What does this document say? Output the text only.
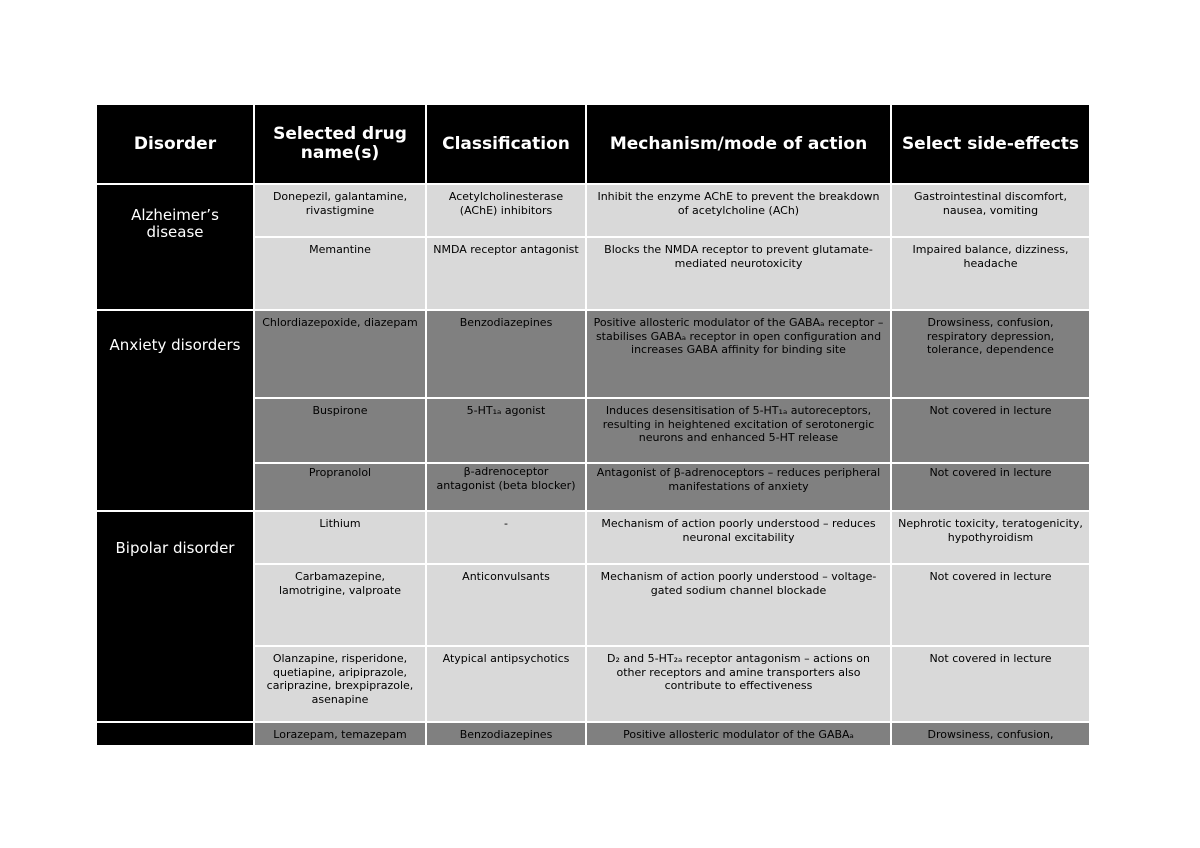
Disorder	Selected drug name(s)	Classification	Mechanism/mode of action	Select side-effects
Alzheimer’s disease	Donepezil, galantamine, rivastigmine	Acetylcholinesterase (AChE) inhibitors	Inhibit the enzyme AChE to prevent the breakdown of acetylcholine (ACh)	Gastrointestinal discomfort, nausea, vomiting
	Memantine	NMDA receptor antagonist	Blocks the NMDA receptor to prevent glutamate-mediated neurotoxicity	Impaired balance, dizziness, headache
Anxiety disorders	Chlordiazepoxide, diazepam	Benzodiazepines	Positive allosteric modulator of the GABAₐ receptor – stabilises GABAₐ receptor in open configuration and increases GABA affinity for binding site	Drowsiness, confusion, respiratory depression, tolerance, dependence
	Buspirone	5-HT₁ₐ agonist	Induces desensitisation of 5-HT₁ₐ autoreceptors, resulting in heightened excitation of serotonergic neurons and enhanced 5-HT release	Not covered in lecture
	Propranolol	β-adrenoceptor antagonist (beta blocker)	Antagonist of β-adrenoceptors – reduces peripheral manifestations of anxiety	Not covered in lecture
Bipolar disorder	Lithium	-	Mechanism of action poorly understood – reduces neuronal excitability	Nephrotic toxicity, teratogenicity, hypothyroidism
	Carbamazepine, lamotrigine, valproate	Anticonvulsants	Mechanism of action poorly understood – voltage-gated sodium channel blockade	Not covered in lecture
	Olanzapine, risperidone, quetiapine, aripiprazole, cariprazine, brexpiprazole, asenapine	Atypical antipsychotics	D₂ and 5-HT₂ₐ receptor antagonism – actions on other receptors and amine transporters also contribute to effectiveness	Not covered in lecture
	Lorazepam, temazepam	Benzodiazepines	Positive allosteric modulator of the GABAₐ	Drowsiness, confusion,
